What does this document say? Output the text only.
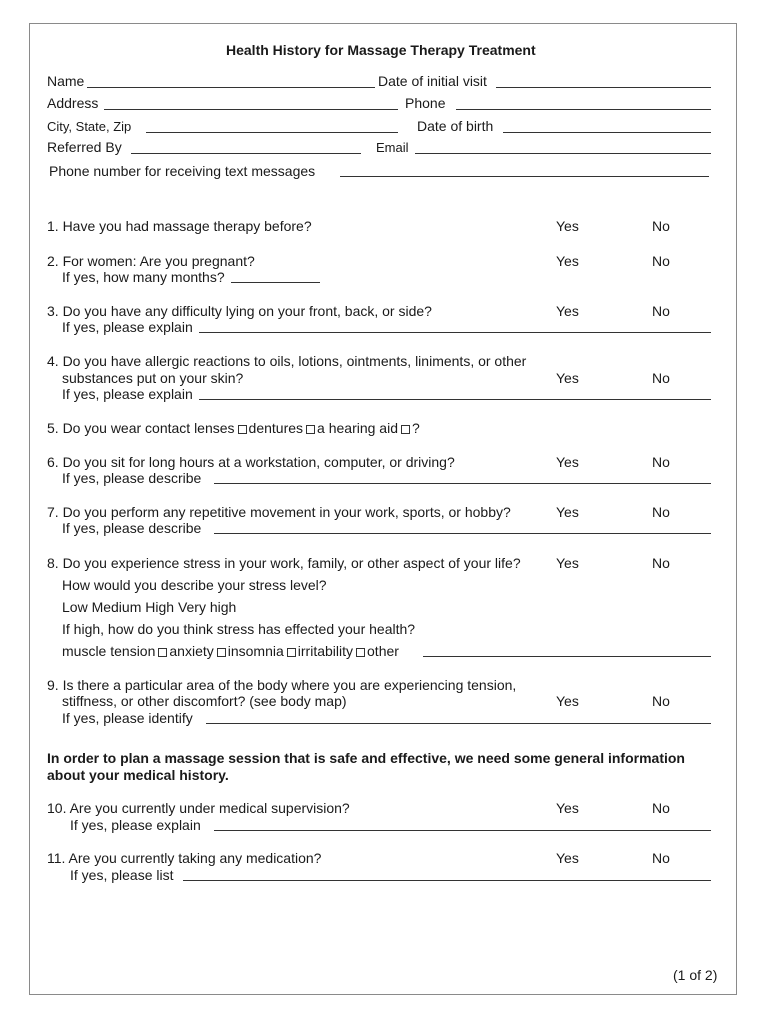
Health History for Massage Therapy Treatment
Name	Date of initial visit
Address	Phone
City, State, Zip	Date of birth
Referred By	Email
Phone number for receiving text messages
1. Have you had massage therapy before?	Yes	No
2. For women: Are you pregnant?	Yes	No
If yes, how many months?
3. Do you have any difficulty lying on your front, back, or side?	Yes	No
If yes, please explain
4. Do you have allergic reactions to oils, lotions, ointments, liniments, or other
substances put on your skin?	Yes	No
If yes, please explain
5. Do you wear contact lenses dentures a hearing aid ?
6. Do you sit for long hours at a workstation, computer, or driving?	Yes	No
If yes, please describe
7. Do you perform any repetitive movement in your work, sports, or hobby?	Yes	No
If yes, please describe
8. Do you experience stress in your work, family, or other aspect of your life?	Yes	No
How would you describe your stress level?
Low Medium High Very high
If high, how do you think stress has effected your health?
muscle tension anxiety insomnia irritability other
9. Is there a particular area of the body where you are experiencing tension,
stiffness, or other discomfort? (see body map)	Yes	No
If yes, please identify
In order to plan a massage session that is safe and effective, we need some general information
about your medical history.
10. Are you currently under medical supervision?	Yes	No
If yes, please explain
11. Are you currently taking any medication?	Yes	No
If yes, please list
(1 of 2)
